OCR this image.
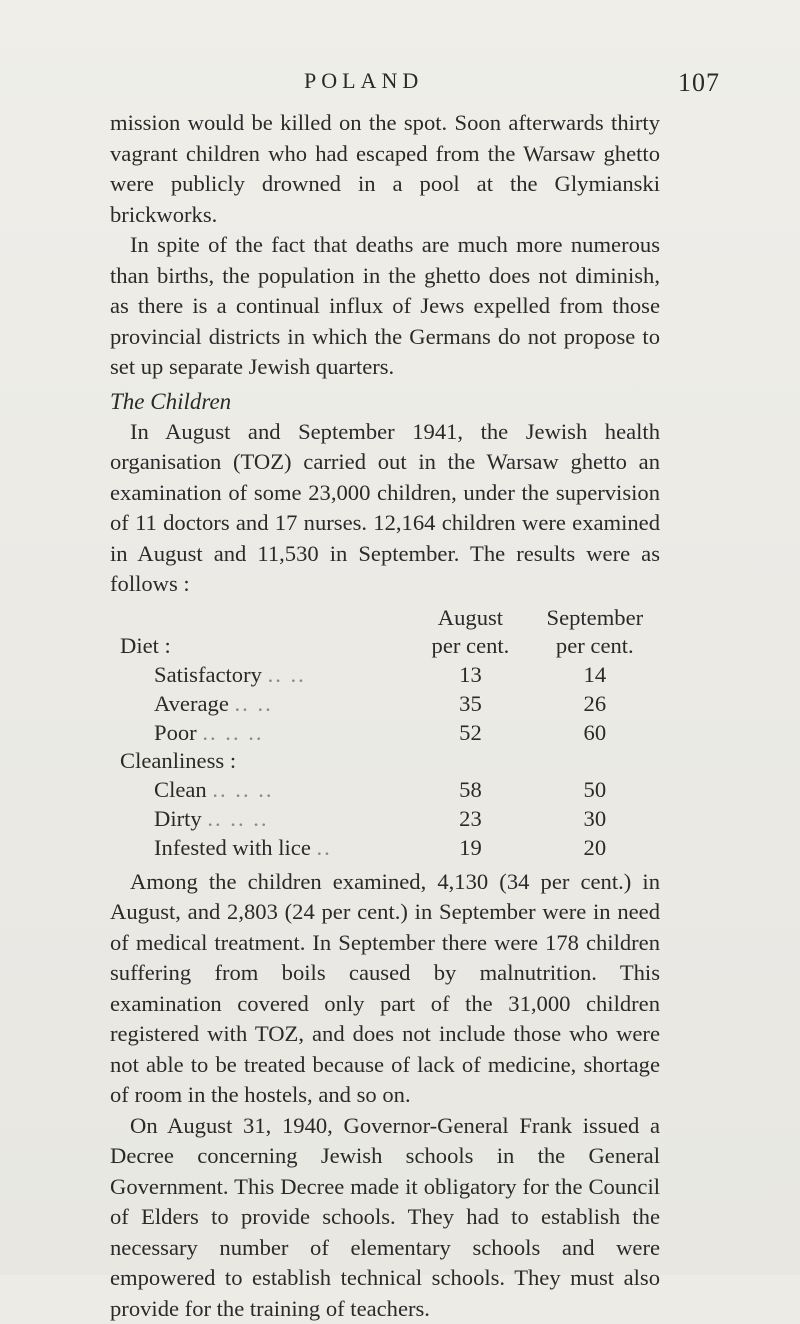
POLAND	107

mission would be killed on the spot. Soon afterwards thirty vagrant children who had escaped from the Warsaw ghetto were publicly drowned in a pool at the Glymianski brickworks.

In spite of the fact that deaths are much more numerous than births, the population in the ghetto does not diminish, as there is a continual influx of Jews expelled from those provincial districts in which the Germans do not propose to set up separate Jewish quarters.

The Children

In August and September 1941, the Jewish health organisation (TOZ) carried out in the Warsaw ghetto an examination of some 23,000 children, under the supervision of 11 doctors and 17 nurses. 12,164 children were examined in August and 11,530 in September. The results were as follows :

	August	September
Diet :	per cent.	per cent.
Satisfactory .. ..	13	14
Average .. ..	35	26
Poor .. .. ..	52	60
Cleanliness :		
Clean .. .. ..	58	50
Dirty .. .. ..	23	30
Infested with lice ..	19	20

Among the children examined, 4,130 (34 per cent.) in August, and 2,803 (24 per cent.) in September were in need of medical treatment. In September there were 178 children suffering from boils caused by malnutrition. This examination covered only part of the 31,000 children registered with TOZ, and does not include those who were not able to be treated because of lack of medicine, shortage of room in the hostels, and so on.

On August 31, 1940, Governor-General Frank issued a Decree concerning Jewish schools in the General Government. This Decree made it obligatory for the Council of Elders to provide schools. They had to establish the necessary number of elementary schools and were empowered to establish technical schools. They must also provide for the training of teachers.
